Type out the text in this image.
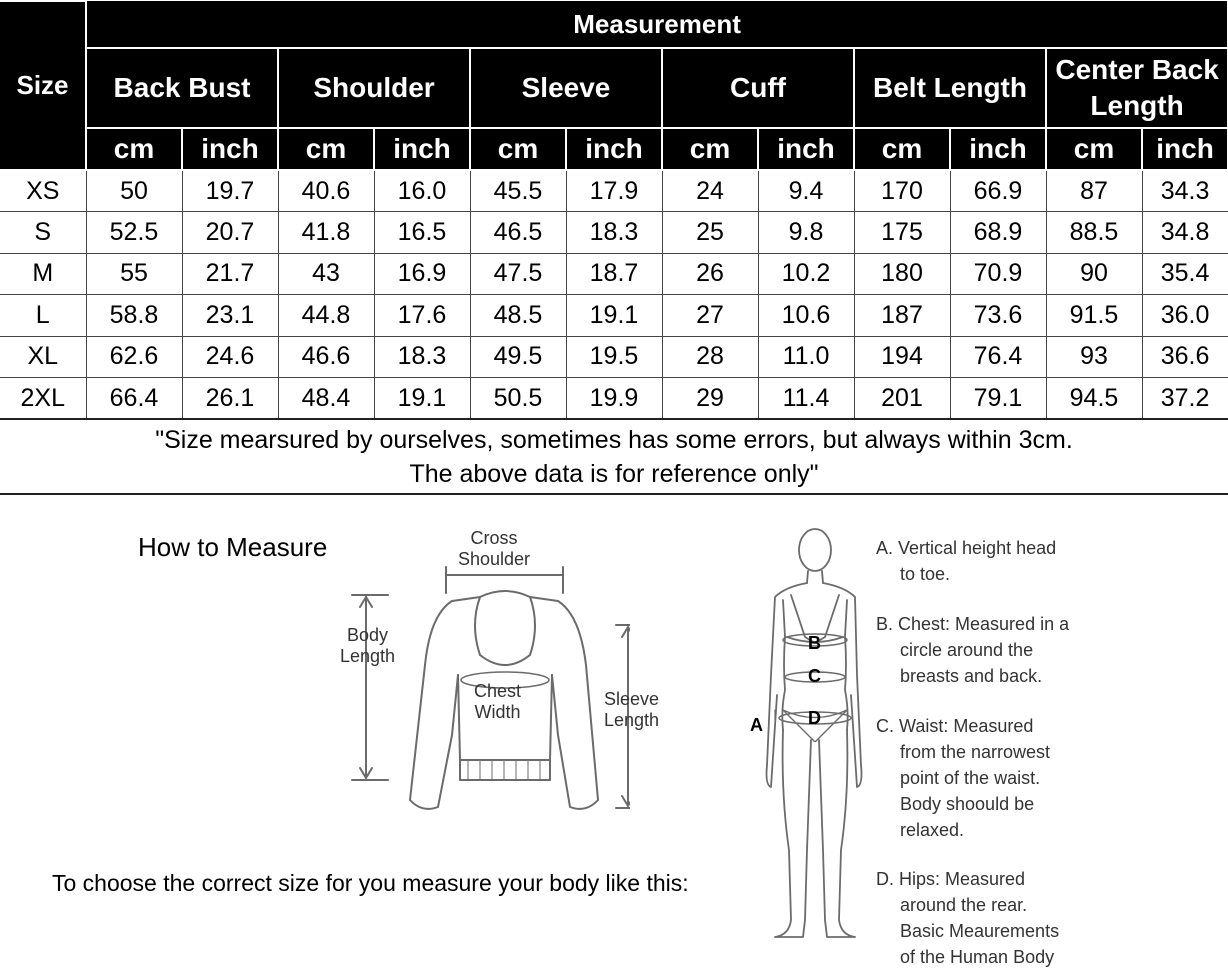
Size	Measurement											
	Back Bust		Shoulder		Sleeve		Cuff		Belt Length		Center Back Length	
	cm	inch	cm	inch	cm	inch	cm	inch	cm	inch	cm	inch
XS	50	19.7	40.6	16.0	45.5	17.9	24	9.4	170	66.9	87	34.3
S	52.5	20.7	41.8	16.5	46.5	18.3	25	9.8	175	68.9	88.5	34.8
M	55	21.7	43	16.9	47.5	18.7	26	10.2	180	70.9	90	35.4
L	58.8	23.1	44.8	17.6	48.5	19.1	27	10.6	187	73.6	91.5	36.0
XL	62.6	24.6	46.6	18.3	49.5	19.5	28	11.0	194	76.4	93	36.6
2XL	66.4	26.1	48.4	19.1	50.5	19.9	29	11.4	201	79.1	94.5	37.2
"Size mearsured by ourselves, sometimes has some errors, but always within 3cm.
The above data is for reference only"
How to Measure	Cross
Shoulder
Body
Length
Chest
Width
Sleeve
Length
B
C
D
A
A. Vertical height head
to toe.
B. Chest: Measured in a
circle around the
breasts and back.
C. Waist: Measured
from the narrowest
point of the waist.
Body shoould be
relaxed.
D. Hips: Measured
around the rear.
Basic Meaurements
of the Human Body
To choose the correct size for you measure your body like this:
